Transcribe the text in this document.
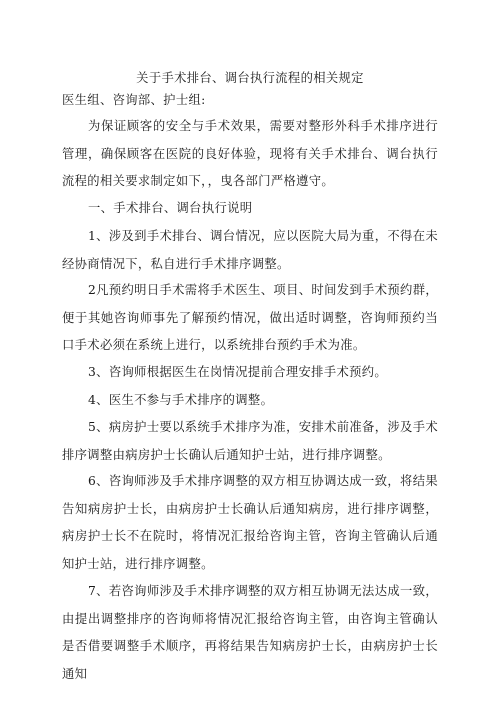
关于手术排台、调台执行流程的相关规定
医生组、咨询部、护士组:

为保证顾客的安全与手术效果，需要对整形外科手术排序进行管理，确保顾客在医院的良好体验，现将有关手术排台、调台执行流程的相关要求制定如下，，曳各部门严格遵守。

一、手术排台、调台执行说明

1、涉及到手术排台、调台情况，应以医院大局为重，不得在未经协商情况下，私自进行手术排序调整。

2凡预约明日手术需将手术医生、项目、时间发到手术预约群，便于其她咨询师事先了解预约情况，做出适时调整，咨询师预约当口手术必须在系统上进行，以系统排台预约手术为准。

3、咨询师根据医生在岗情况提前合理安排手术预约。

4、医生不参与手术排序的调整。

5、病房护士要以系统手术排序为准，安排术前准备，涉及手术排序调整由病房护士长确认后通知护士站，进行排序调整。

6、咨询师涉及手术排序调整的双方相互协调达成一致，将结果告知病房护士长，由病房护士长确认后通知病房，进行排序调整，病房护士长不在院时，将情况汇报给咨询主管，咨询主管确认后通知护士站，进行排序调整。

7、若咨询师涉及手术排序调整的双方相互协调无法达成一致，由提出调整排序的咨询师将情况汇报给咨询主管，由咨询主管确认是否借要调整手术顺序，再将结果告知病房护士长，由病房护士长通知
